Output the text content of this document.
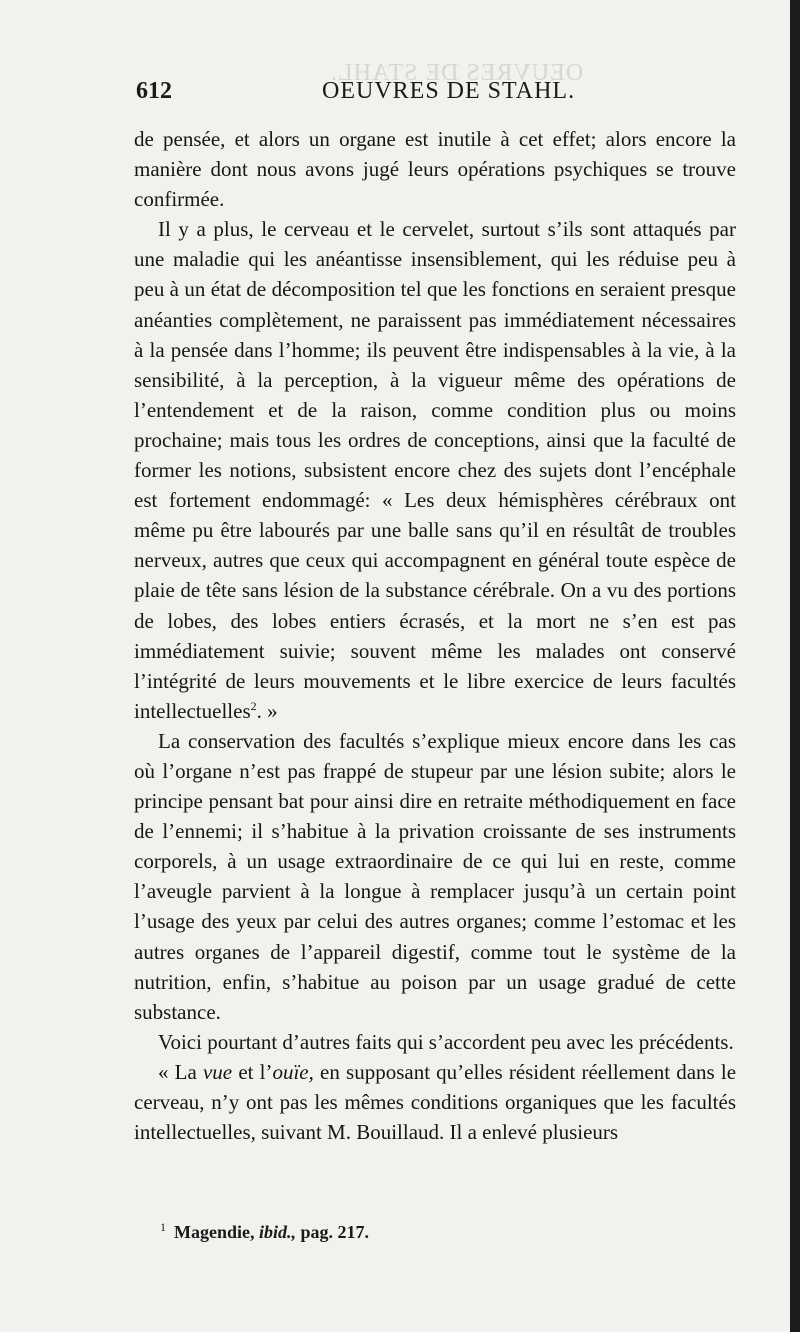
OEUVRES DE STAHL.
612	OEUVRES DE STAHL.

de pensée, et alors un organe est inutile à cet effet; alors encore la manière dont nous avons jugé leurs opérations psychiques se trouve confirmée.

Il y a plus, le cerveau et le cervelet, surtout s’ils sont attaqués par une maladie qui les anéantisse insensiblement, qui les réduise peu à peu à un état de décomposition tel que les fonctions en seraient presque anéanties complètement, ne paraissent pas immédiatement nécessaires à la pensée dans l’homme; ils peuvent être indispensables à la vie, à la sensibilité, à la perception, à la vigueur même des opérations de l’entendement et de la raison, comme condition plus ou moins prochaine; mais tous les ordres de conceptions, ainsi que la faculté de former les notions, subsistent encore chez des sujets dont l’encéphale est fortement endommagé: « Les deux hémisphères cérébraux ont même pu être labourés par une balle sans qu’il en résultât de troubles nerveux, autres que ceux qui accompagnent en général toute espèce de plaie de tête sans lésion de la substance cérébrale. On a vu des portions de lobes, des lobes entiers écrasés, et la mort ne s’en est pas immédiatement suivie; souvent même les malades ont conservé l’intégrité de leurs mouvements et le libre exercice de leurs facultés intellectuelles$^2$. »

La conservation des facultés s’explique mieux encore dans les cas où l’organe n’est pas frappé de stupeur par une lésion subite; alors le principe pensant bat pour ainsi dire en retraite méthodiquement en face de l’ennemi; il s’habitue à la privation croissante de ses instruments corporels, à un usage extraordinaire de ce qui lui en reste, comme l’aveugle parvient à la longue à remplacer jusqu’à un certain point l’usage des yeux par celui des autres organes; comme l’estomac et les autres organes de l’appareil digestif, comme tout le système de la nutrition, enfin, s’habitue au poison par un usage gradué de cette substance.

Voici pourtant d’autres faits qui s’accordent peu avec les précédents.

« La vue et l’ouïe, en supposant qu’elles résident réellement dans le cerveau, n’y ont pas les mêmes conditions organiques que les facultés intellectuelles, suivant M. Bouillaud. Il a enlevé plusieurs

$^1$ Magendie, ibid., pag. 217.
